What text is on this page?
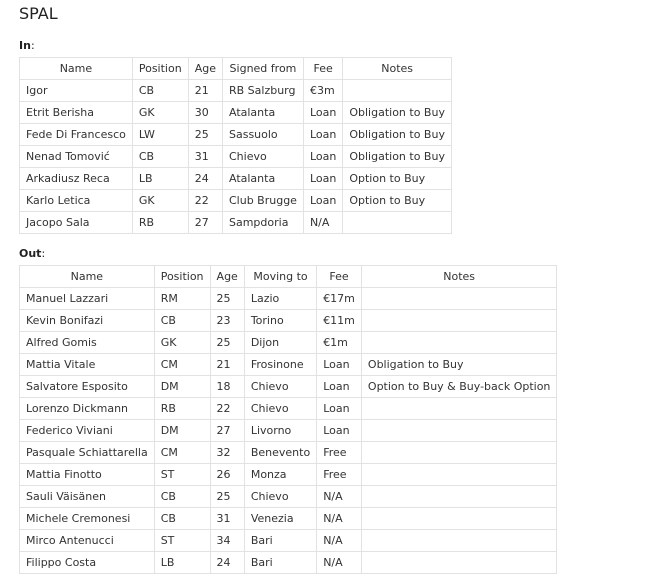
SPAL
In:
Name	Position	Age	Signed from	Fee	Notes
Igor	CB	21	RB Salzburg	€3m	
Etrit Berisha	GK	30	Atalanta	Loan	Obligation to Buy
Fede Di Francesco	LW	25	Sassuolo	Loan	Obligation to Buy
Nenad Tomović	CB	31	Chievo	Loan	Obligation to Buy
Arkadiusz Reca	LB	24	Atalanta	Loan	Option to Buy
Karlo Letica	GK	22	Club Brugge	Loan	Option to Buy
Jacopo Sala	RB	27	Sampdoria	N/A	
Out:
Name	Position	Age	Moving to	Fee	Notes
Manuel Lazzari	RM	25	Lazio	€17m	
Kevin Bonifazi	CB	23	Torino	€11m	
Alfred Gomis	GK	25	Dijon	€1m	
Mattia Vitale	CM	21	Frosinone	Loan	Obligation to Buy
Salvatore Esposito	DM	18	Chievo	Loan	Option to Buy & Buy-back Option
Lorenzo Dickmann	RB	22	Chievo	Loan	
Federico Viviani	DM	27	Livorno	Loan	
Pasquale Schiattarella	CM	32	Benevento	Free	
Mattia Finotto	ST	26	Monza	Free	
Sauli Väisänen	CB	25	Chievo	N/A	
Michele Cremonesi	CB	31	Venezia	N/A	
Mirco Antenucci	ST	34	Bari	N/A	
Filippo Costa	LB	24	Bari	N/A	
